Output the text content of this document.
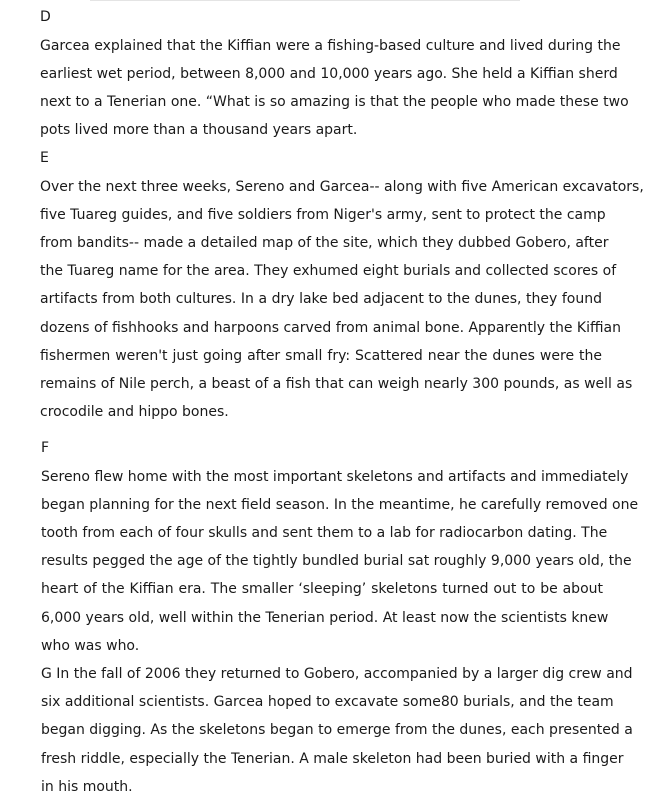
D
Garcea explained that the Kiffian were a fishing-based culture and lived during the
earliest wet period, between 8,000 and 10,000 years ago. She held a Kiffian sherd
next to a Tenerian one. “What is so amazing is that the people who made these two
pots lived more than a thousand years apart.
E
Over the next three weeks, Sereno and Garcea-- along with five American excavators,
five Tuareg guides, and five soldiers from Niger's army, sent to protect the camp
from bandits-- made a detailed map of the site, which they dubbed Gobero, after
the Tuareg name for the area. They exhumed eight burials and collected scores of
artifacts from both cultures. In a dry lake bed adjacent to the dunes, they found
dozens of fishhooks and harpoons carved from animal bone. Apparently the Kiffian
fishermen weren't just going after small fry: Scattered near the dunes were the
remains of Nile perch, a beast of a fish that can weigh nearly 300 pounds, as well as
crocodile and hippo bones.
F
Sereno flew home with the most important skeletons and artifacts and immediately
began planning for the next field season. In the meantime, he carefully removed one
tooth from each of four skulls and sent them to a lab for radiocarbon dating. The
results pegged the age of the tightly bundled burial sat roughly 9,000 years old, the
heart of the Kiffian era. The smaller ‘sleeping’ skeletons turned out to be about
6,000 years old, well within the Tenerian period. At least now the scientists knew
who was who.
G In the fall of 2006 they returned to Gobero, accompanied by a larger dig crew and
six additional scientists. Garcea hoped to excavate some80 burials, and the team
began digging. As the skeletons began to emerge from the dunes, each presented a
fresh riddle, especially the Tenerian. A male skeleton had been buried with a finger
in his mouth.
